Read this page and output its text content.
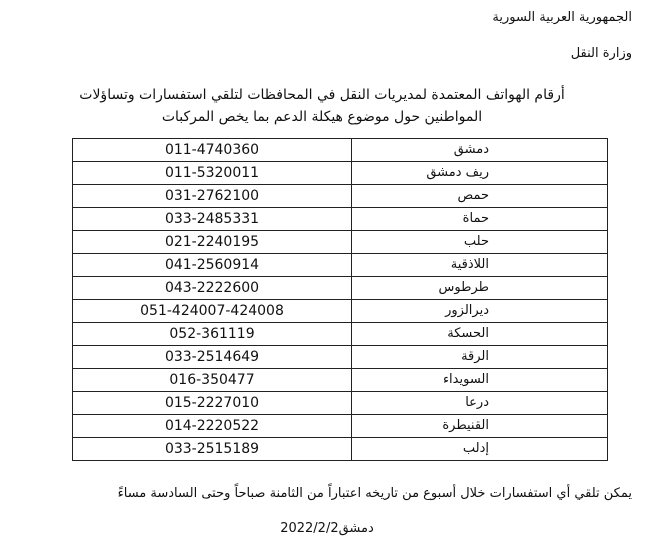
الجمهورية العربية السورية
وزارة النقل
أرقام الهواتف المعتمدة لمديريات النقل في المحافظات لتلقي استفسارات وتساؤلات
المواطنين حول موضوع هيكلة الدعم بما يخص المركبات
011-4740360	دمشق
011-5320011	ريف دمشق
031-2762100	حمص
033-2485331	حماة
021-2240195	حلب
041-2560914	اللاذقية
043-2222600	طرطوس
051-424007-424008	ديرالزور
052-361119	الحسكة
033-2514649	الرقة
016-350477	السويداء
015-2227010	درعا
014-2220522	القنيطرة
033-2515189	إدلب
يمكن تلقي أي استفسارات خلال أسبوع من تاريخه اعتباراً من الثامنة صباحاً وحتى السادسة مساءً
دمشق2022/2/2
